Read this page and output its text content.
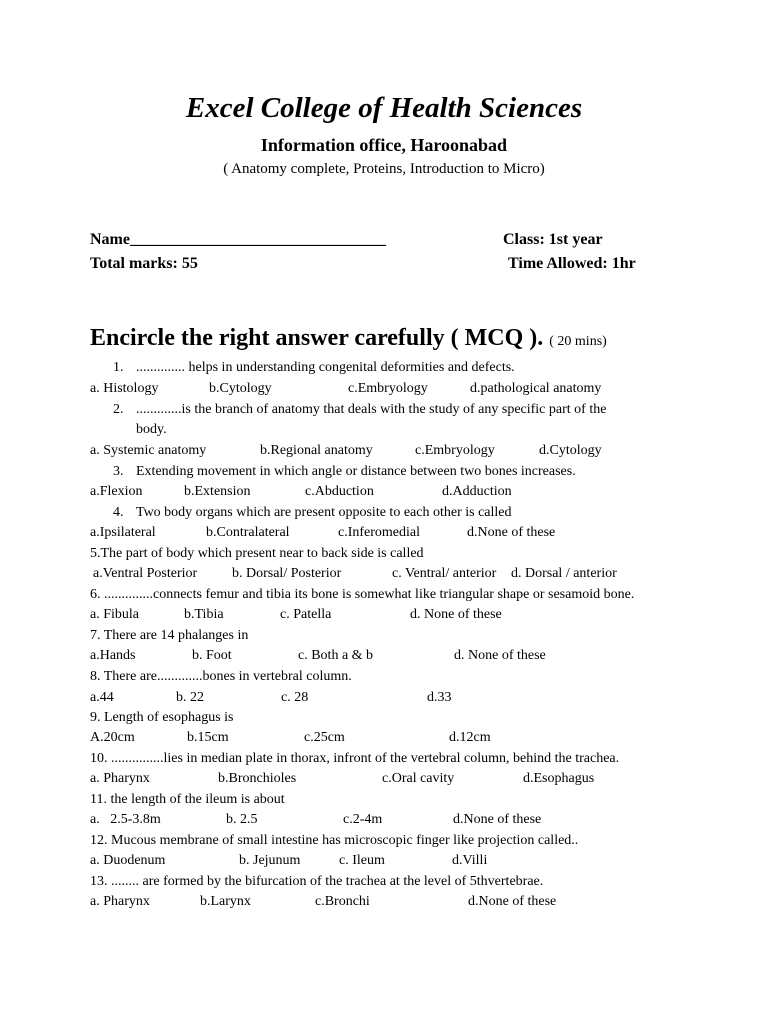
Excel College of Health Sciences
Information office, Haroonabad
( Anatomy complete, Proteins, Introduction to Micro)
Name________________________________	Class: 1st year
Total marks: 55	Time Allowed: 1hr
Encircle the right answer carefully ( MCQ ). ( 20 mins)
1. .............. helps in understanding congenital deformities and defects.
a. Histology	b.Cytology	c.Embryology	d.pathological anatomy
2. .............is the branch of anatomy that deals with the study of any specific part of the
body.
a. Systemic anatomy	b.Regional anatomy	c.Embryology	d.Cytology
3. Extending movement in which angle or distance between two bones increases.
a.Flexion	b.Extension	c.Abduction	d.Adduction
4. Two body organs which are present opposite to each other is called
a.Ipsilateral	b.Contralateral	c.Inferomedial	d.None of these
5.The part of body which present near to back side is called
a.Ventral Posterior b. Dorsal/ Posterior	c. Ventral/ anterior d. Dorsal / anterior
6. ..............connects femur and tibia its bone is somewhat like triangular shape or sesamoid bone.
a. Fibula	b.Tibia	c. Patella	d. None of these
7. There are 14 phalanges in
a.Hands	b. Foot	c. Both a & b	d. None of these
8. There are.............bones in vertebral column.
a.44	b. 22	c. 28	d.33
9. Length of esophagus is
A.20cm	b.15cm	c.25cm	d.12cm
10. ...............lies in median plate in thorax, infront of the vertebral column, behind the trachea.
a. Pharynx	b.Bronchioles	c.Oral cavity	d.Esophagus
11. the length of the ileum is about
a.   2.5-3.8m	b. 2.5	c.2-4m	d.None of these
12. Mucous membrane of small intestine has microscopic finger like projection called..
a. Duodenum	b. Jejunum	c. Ileum	d.Villi
13. ........ are formed by the bifurcation of the trachea at the level of 5thvertebrae.
a. Pharynx	b.Larynx	c.Bronchi	d.None of these
